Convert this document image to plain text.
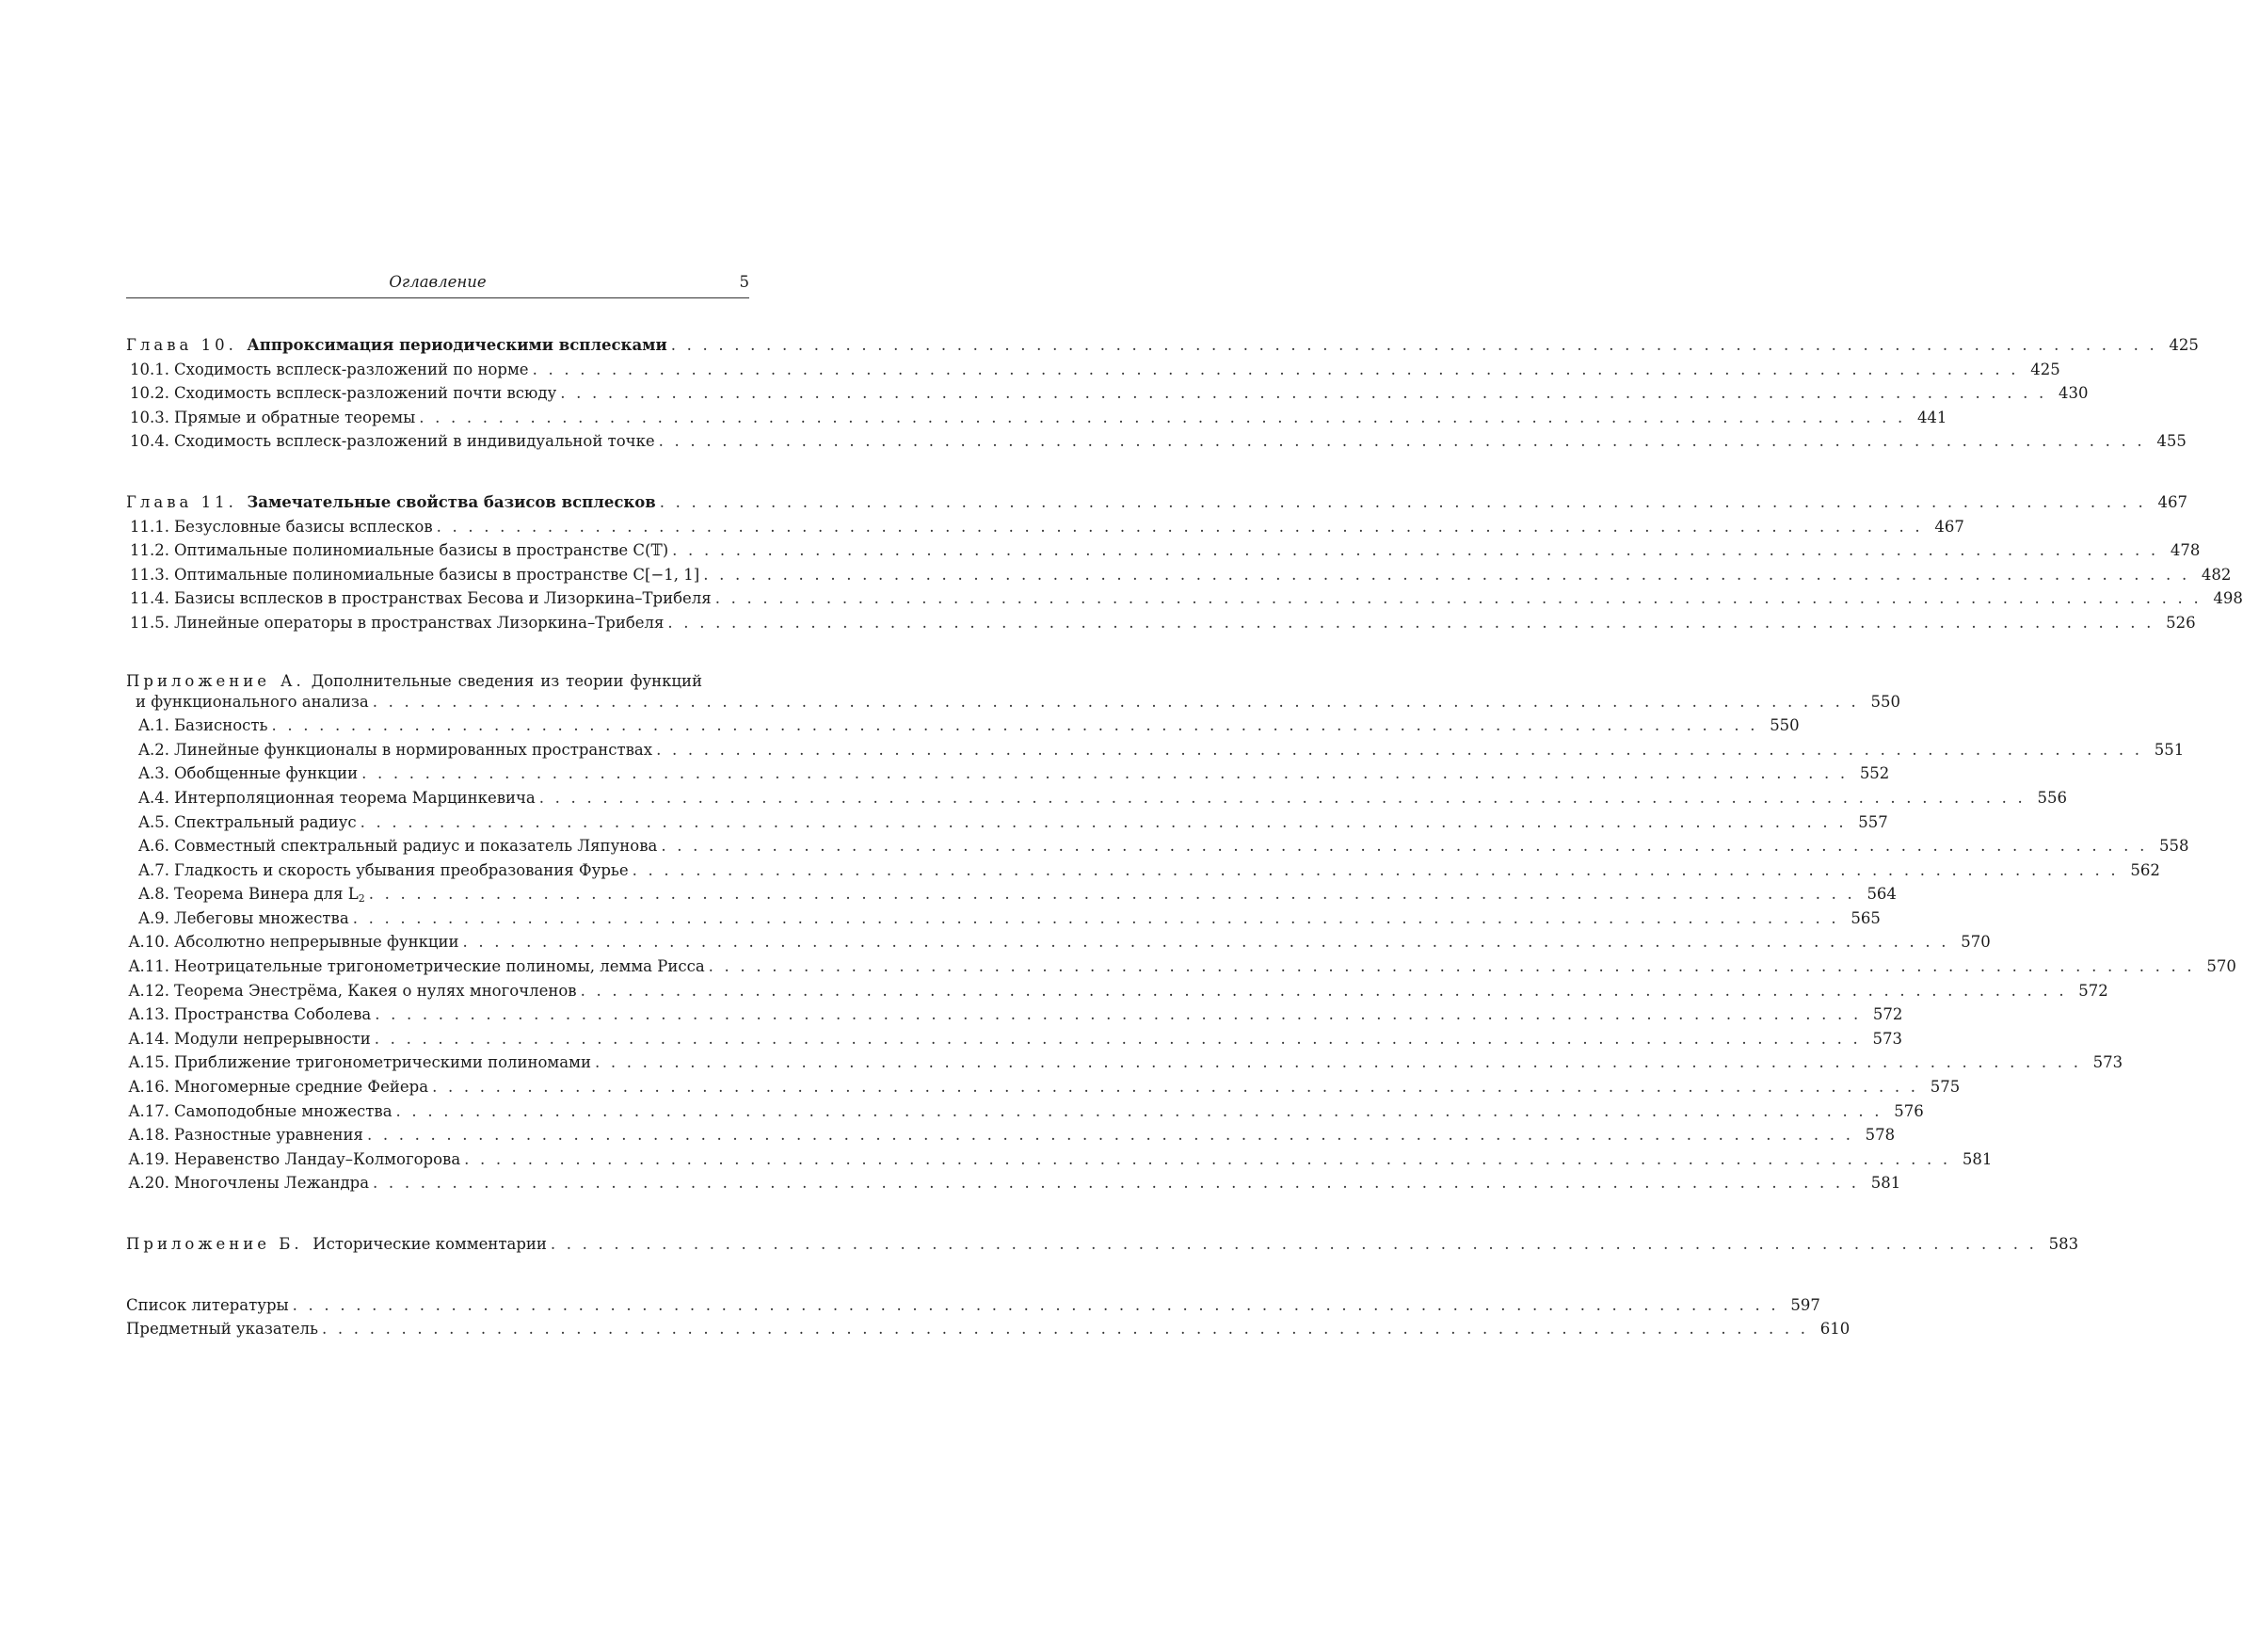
Оглавление	5
Глава 10. Аппроксимация периодическими всплесками . . .	425
10.1. Сходимость всплеск-разложений по норме . . .	425
10.2. Сходимость всплеск-разложений почти всюду . . .	430
10.3. Прямые и обратные теоремы . . .	441
10.4. Сходимость всплеск-разложений в индивидуальной точке . . .	455
Глава 11. Замечательные свойства базисов всплесков . . .	467
11.1. Безусловные базисы всплесков . . .	467
11.2. Оптимальные полиномиальные базисы в пространстве C(𝕋) . . .	478
11.3. Оптимальные полиномиальные базисы в пространстве C[−1, 1] . . .	482
11.4. Базисы всплесков в пространствах Бесова и Лизоркина–Трибеля . . .	498
11.5. Линейные операторы в пространствах Лизоркина–Трибеля . . .	526
Приложение А. Дополнительные сведения из теории функций
и функционального анализа . . .	550
A.1. Базисность . . .	550
A.2. Линейные функционалы в нормированных пространствах . . .	551
A.3. Обобщенные функции . . .	552
A.4. Интерполяционная теорема Марцинкевича . . .	556
A.5. Спектральный радиус . . .	557
A.6. Совместный спектральный радиус и показатель Ляпунова . . .	558
A.7. Гладкость и скорость убывания преобразования Фурье . . .	562
A.8. Теорема Винера для $L_2$ . . .	564
A.9. Лебеговы множества . . .	565
A.10. Абсолютно непрерывные функции . . .	570
A.11. Неотрицательные тригонометрические полиномы, лемма Рисса . . .	570
A.12. Теорема Энестрёма, Какея о нулях многочленов . . .	572
A.13. Пространства Соболева . . .	572
A.14. Модули непрерывности . . .	573
A.15. Приближение тригонометрическими полиномами . . .	573
A.16. Многомерные средние Фейера . . .	575
A.17. Самоподобные множества . . .	576
A.18. Разностные уравнения . . .	578
A.19. Неравенство Ландау–Колмогорова . . .	581
A.20. Многочлены Лежандра . . .	581
Приложение Б. Исторические комментарии . . .	583
Список литературы . . .	597
Предметный указатель . . .	610
